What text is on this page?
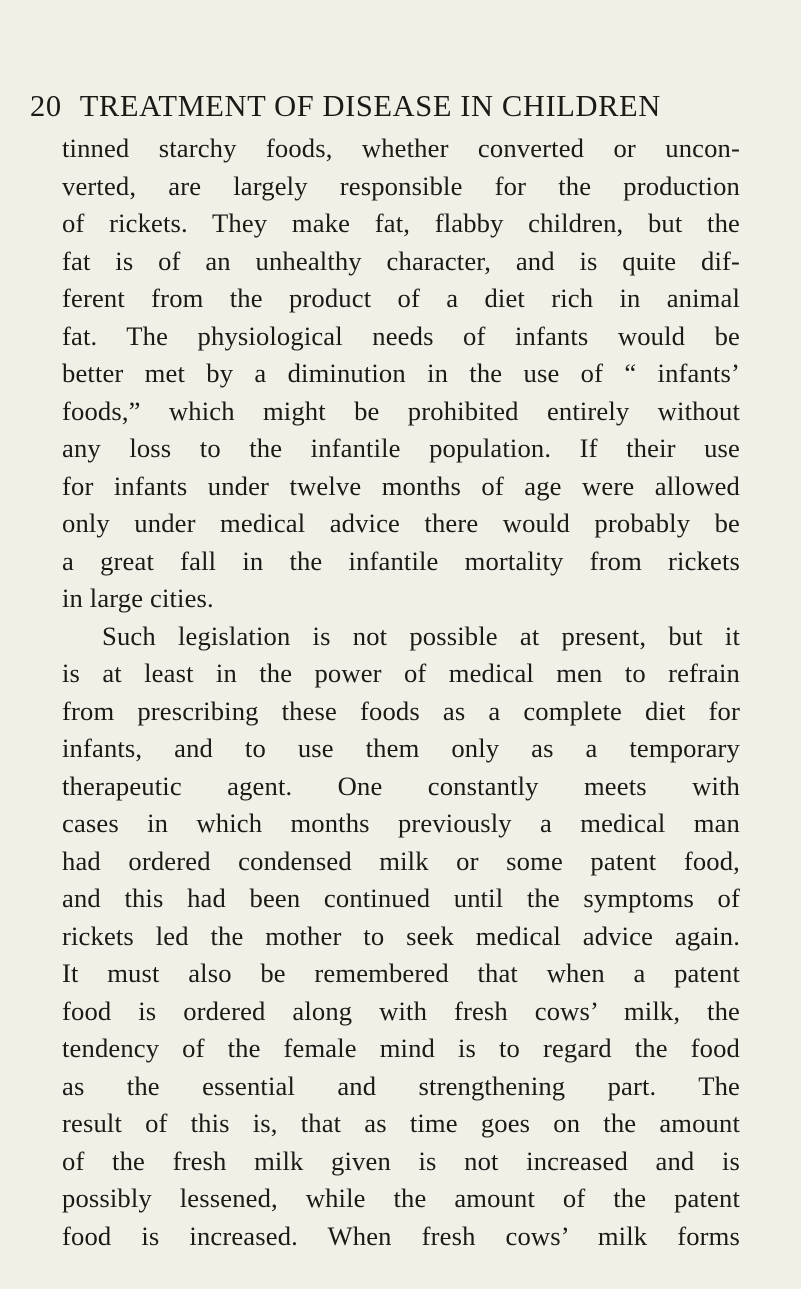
20 TREATMENT OF DISEASE IN CHILDREN
tinned starchy foods, whether converted or uncon-
verted, are largely responsible for the production
of rickets. They make fat, flabby children, but the
fat is of an unhealthy character, and is quite dif-
ferent from the product of a diet rich in animal
fat. The physiological needs of infants would be
better met by a diminution in the use of “ infants’
foods,” which might be prohibited entirely without
any loss to the infantile population. If their use
for infants under twelve months of age were allowed
only under medical advice there would probably be
a great fall in the infantile mortality from rickets
in large cities.
Such legislation is not possible at present, but it
is at least in the power of medical men to refrain
from prescribing these foods as a complete diet for
infants, and to use them only as a temporary
therapeutic agent. One constantly meets with
cases in which months previously a medical man
had ordered condensed milk or some patent food,
and this had been continued until the symptoms of
rickets led the mother to seek medical advice again.
It must also be remembered that when a patent
food is ordered along with fresh cows’ milk, the
tendency of the female mind is to regard the food
as the essential and strengthening part. The
result of this is, that as time goes on the amount
of the fresh milk given is not increased and is
possibly lessened, while the amount of the patent
food is increased. When fresh cows’ milk forms
